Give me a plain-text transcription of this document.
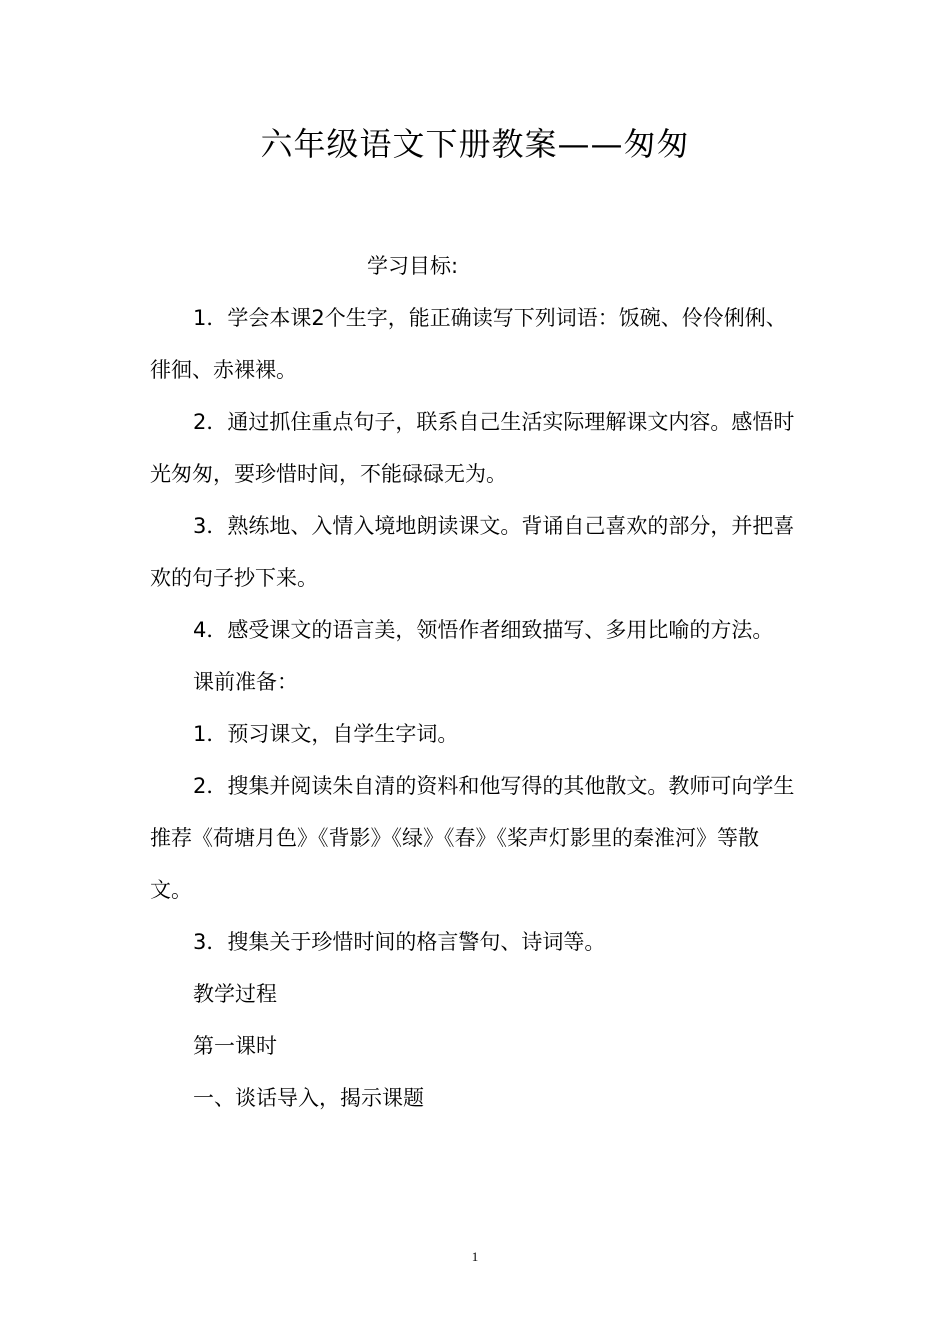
六年级语文下册教案——匆匆

学习目标:

1．学会本课2个生字，能正确读写下列词语：饭碗、伶伶俐俐、徘徊、赤裸裸。

2．通过抓住重点句子，联系自己生活实际理解课文内容。感悟时光匆匆，要珍惜时间，不能碌碌无为。

3．熟练地、入情入境地朗读课文。背诵自己喜欢的部分，并把喜欢的句子抄下来。

4．感受课文的语言美，领悟作者细致描写、多用比喻的方法。

课前准备：

1．预习课文，自学生字词。

2．搜集并阅读朱自清的资料和他写得的其他散文。教师可向学生推荐《荷塘月色》《背影》《绿》《春》《桨声灯影里的秦淮河》等散文。

3．搜集关于珍惜时间的格言警句、诗词等。

教学过程

第一课时

一、谈话导入，揭示课题

1
